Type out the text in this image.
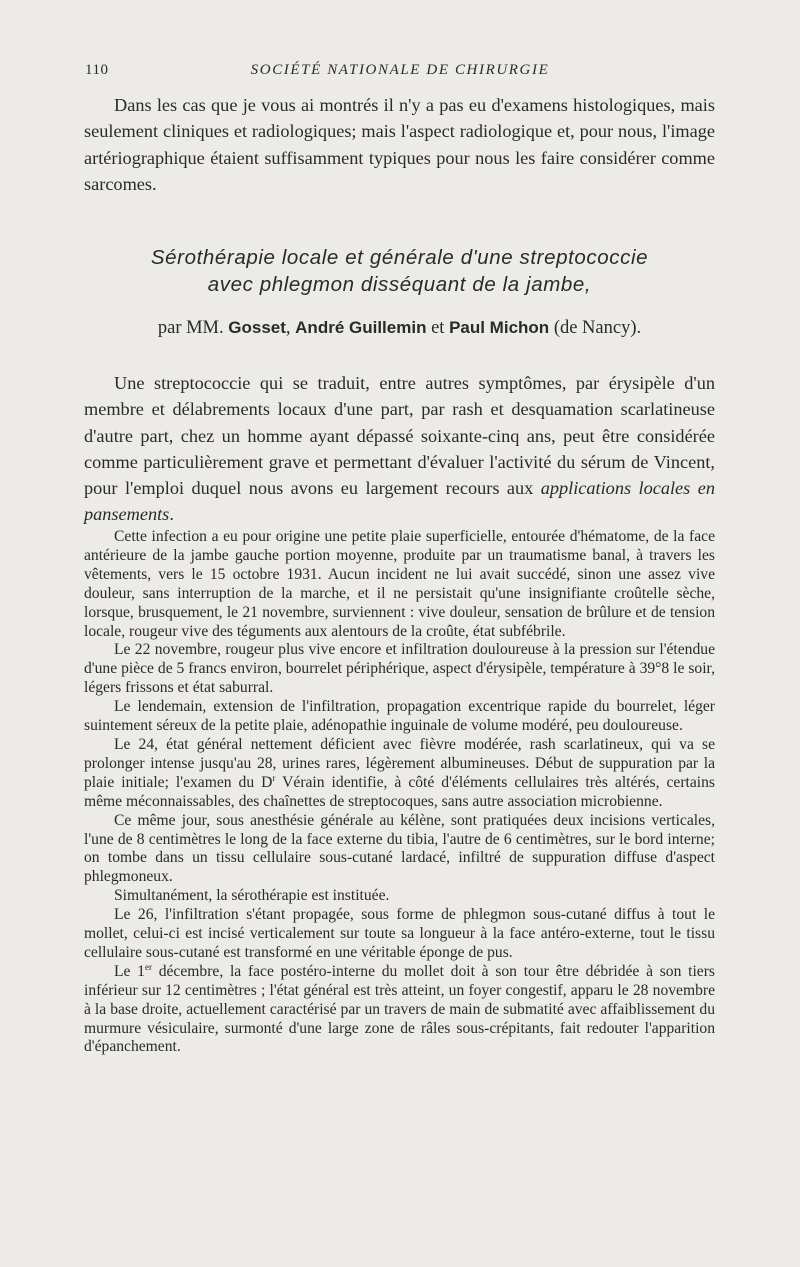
110	SOCIÉTÉ NATIONALE DE CHIRURGIE

Dans les cas que je vous ai montrés il n'y a pas eu d'examens histologiques, mais seulement cliniques et radiologiques; mais l'aspect radiologique et, pour nous, l'image artériographique étaient suffisamment typiques pour nous les faire considérer comme sarcomes.

Sérothérapie locale et générale d'une streptococcie
avec phlegmon disséquant de la jambe,
par MM. Gosset, André Guillemin et Paul Michon (de Nancy).

Une streptococcie qui se traduit, entre autres symptômes, par érysipèle d'un membre et délabrements locaux d'une part, par rash et desquamation scarlatineuse d'autre part, chez un homme ayant dépassé soixante-cinq ans, peut être considérée comme particulièrement grave et permettant d'évaluer l'activité du sérum de Vincent, pour l'emploi duquel nous avons eu largement recours aux applications locales en pansements.

Cette infection a eu pour origine une petite plaie superficielle, entourée d'hématome, de la face antérieure de la jambe gauche portion moyenne, produite par un traumatisme banal, à travers les vêtements, vers le 15 octobre 1931. Aucun incident ne lui avait succédé, sinon une assez vive douleur, sans interruption de la marche, et il ne persistait qu'une insignifiante croûtelle sèche, lorsque, brusquement, le 21 novembre, surviennent : vive douleur, sensation de brûlure et de tension locale, rougeur vive des téguments aux alentours de la croûte, état subfébrile.

Le 22 novembre, rougeur plus vive encore et infiltration douloureuse à la pression sur l'étendue d'une pièce de 5 francs environ, bourrelet périphérique, aspect d'érysipèle, température à 39°8 le soir, légers frissons et état saburral.

Le lendemain, extension de l'infiltration, propagation excentrique rapide du bourrelet, léger suintement séreux de la petite plaie, adénopathie inguinale de volume modéré, peu douloureuse.

Le 24, état général nettement déficient avec fièvre modérée, rash scarlatineux, qui va se prolonger intense jusqu'au 28, urines rares, légèrement albumineuses. Début de suppuration par la plaie initiale; l'examen du $D^r$ Vérain identifie, à côté d'éléments cellulaires très altérés, certains même méconnaissables, des chaînettes de streptocoques, sans autre association microbienne.

Ce même jour, sous anesthésie générale au kélène, sont pratiquées deux incisions verticales, l'une de 8 centimètres le long de la face externe du tibia, l'autre de 6 centimètres, sur le bord interne; on tombe dans un tissu cellulaire sous-cutané lardacé, infiltré de suppuration diffuse d'aspect phlegmoneux.

Simultanément, la sérothérapie est instituée.

Le 26, l'infiltration s'étant propagée, sous forme de phlegmon sous-cutané diffus à tout le mollet, celui-ci est incisé verticalement sur toute sa longueur à la face antéro-externe, tout le tissu cellulaire sous-cutané est transformé en une véritable éponge de pus.

Le 1er décembre, la face postéro-interne du mollet doit à son tour être débridée à son tiers inférieur sur 12 centimètres ; l'état général est très atteint, un foyer congestif, apparu le 28 novembre à la base droite, actuellement caractérisé par un travers de main de submatité avec affaiblissement du murmure vésiculaire, surmonté d'une large zone de râles sous-crépitants, fait redouter l'apparition d'épanchement.
